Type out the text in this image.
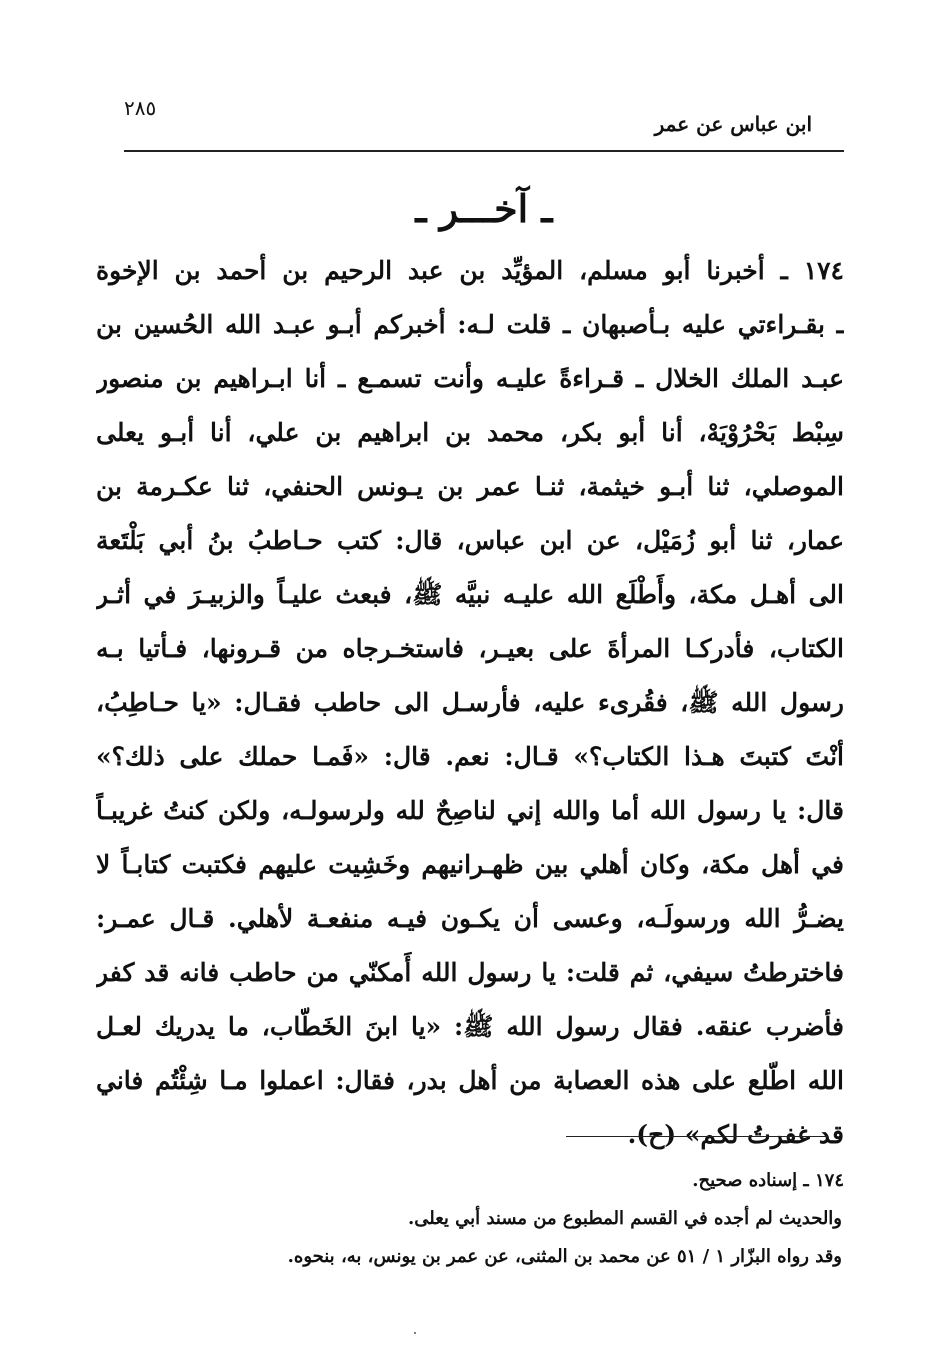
ابن عباس عن عمر
٢٨٥
ـ آخـــر ـ
١٧٤ ـ أخبرنا أبو مسلم، المؤيِّد بن عبد الرحيم بن أحمد بن الإخوة
ـ بقـراءتي عليه بـأصبهان ـ قلت لـه: أخبركم أبـو عبـد الله الحُسين بن
عبـد الملك الخلال ـ قـراءةً عليـه وأنت تسمـع ـ أنا ابـراهيم بن منصور
سِبْط بَحْرُوْيَهْ، أنا أبو بكر، محمد بن ابراهيم بن علي، أنا أبـو يعلى
الموصلي، ثنا أبـو خيثمة، ثنـا عمر بن يـونس الحنفي، ثنا عكـرمة بن
عمار، ثنا أبو زُمَيْل، عن ابن عباس، قال: كتب حـاطبُ بنُ أبي بَلْتَعة
الى أهـل مكة، وأَطْلَع الله عليـه نبيَّه ﷺ، فبعث عليـاً والزبيـرَ في أثـر
الكتاب، فأدركـا المرأةَ على بعيـر، فاستخـرجاه من قـرونها، فـأتيا بـه
رسول الله ﷺ، فقُرىء عليه، فأرسـل الى حاطب فقـال: «يا حـاطِبُ،
أنْتَ كتبتَ هـذا الكتاب؟» قـال: نعم. قال: «فَمـا حملك على ذلك؟»
قال: يا رسول الله أما والله إني لناصِحٌ لله ولرسولـه، ولكن كنتُ غريبـاً
في أهل مكة، وكان أهلي بين ظهـرانيهم وخَشِيت عليهم فكتبت كتابـاً لا
يضـرُّ الله ورسولَـه، وعسى أن يكـون فيـه منفعـة لأهلي. قـال عمـر:
فاخترطتُ سيفي، ثم قلت: يا رسول الله أَمكنّي من حاطب فانه قد كفر
فأضرب عنقه. فقال رسول الله ﷺ: «يا ابنَ الخَطّاب، ما يدريك لعـل
الله اطّلع على هذه العصابة من أهل بدر، فقال: اعملوا مـا شِئْتُم فاني
قد غفرتُ لكم» (ح).
١٧٤ ـ إسناده صحيح.
والحديث لم أجده في القسم المطبوع من مسند أبي يعلى.
وقد رواه البزّار ١ / ٥١ عن محمد بن المثنى، عن عمر بن يونس، به، بنحوه.
